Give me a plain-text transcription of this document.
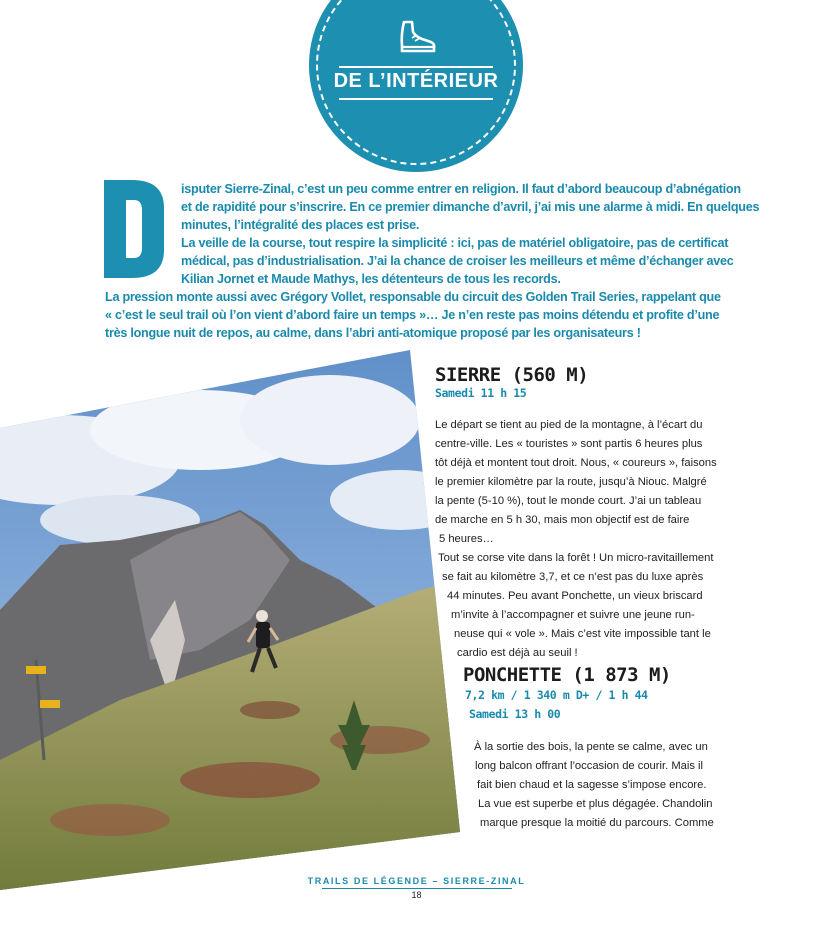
DE L’INTÉRIEUR

isputer Sierre-Zinal, c’est un peu comme entrer en religion. Il faut d’abord beaucoup d’abnégation

et de rapidité pour s’inscrire. En ce premier dimanche d’avril, j’ai mis une alarme à midi. En quelques

minutes, l’intégralité des places est prise.

La veille de la course, tout respire la simplicité : ici, pas de matériel obligatoire, pas de certificat

médical, pas d’industrialisation. J’ai la chance de croiser les meilleurs et même d’échanger avec

Kilian Jornet et Maude Mathys, les détenteurs de tous les records.

La pression monte aussi avec Grégory Vollet, responsable du circuit des Golden Trail Series, rappelant que

« c’est le seul trail où l’on vient d’abord faire un temps »… Je n’en reste pas moins détendu et profite d’une

très longue nuit de repos, au calme, dans l’abri anti-atomique proposé par les organisateurs !

SIERRE (560 M)
Samedi 11 h 15
Le départ se tient au pied de la montagne, à l’écart du
centre-ville. Les « touristes » sont partis 6 heures plus
tôt déjà et montent tout droit. Nous, « coureurs », faisons
le premier kilomètre par la route, jusqu’à Niouc. Malgré
la pente (5-10 %), tout le monde court. J’ai un tableau
de marche en 5 h 30, mais mon objectif est de faire
5 heures…
Tout se corse vite dans la forêt ! Un micro-ravitaillement
se fait au kilomètre 3,7, et ce n’est pas du luxe après
44 minutes. Peu avant Ponchette, un vieux briscard
m’invite à l’accompagner et suivre une jeune run-
neuse qui « vole ». Mais c’est vite impossible tant le
cardio est déjà au seuil !
PONCHETTE (1 873 M)
7,2 km / 1 340 m D+ / 1 h 44
Samedi 13 h 00
À la sortie des bois, la pente se calme, avec un
long balcon offrant l’occasion de courir. Mais il
fait bien chaud et la sagesse s’impose encore.
La vue est superbe et plus dégagée. Chandolin
marque presque la moitié du parcours. Comme
TRAILS DE LÉGENDE – SIERRE-ZINAL
18
